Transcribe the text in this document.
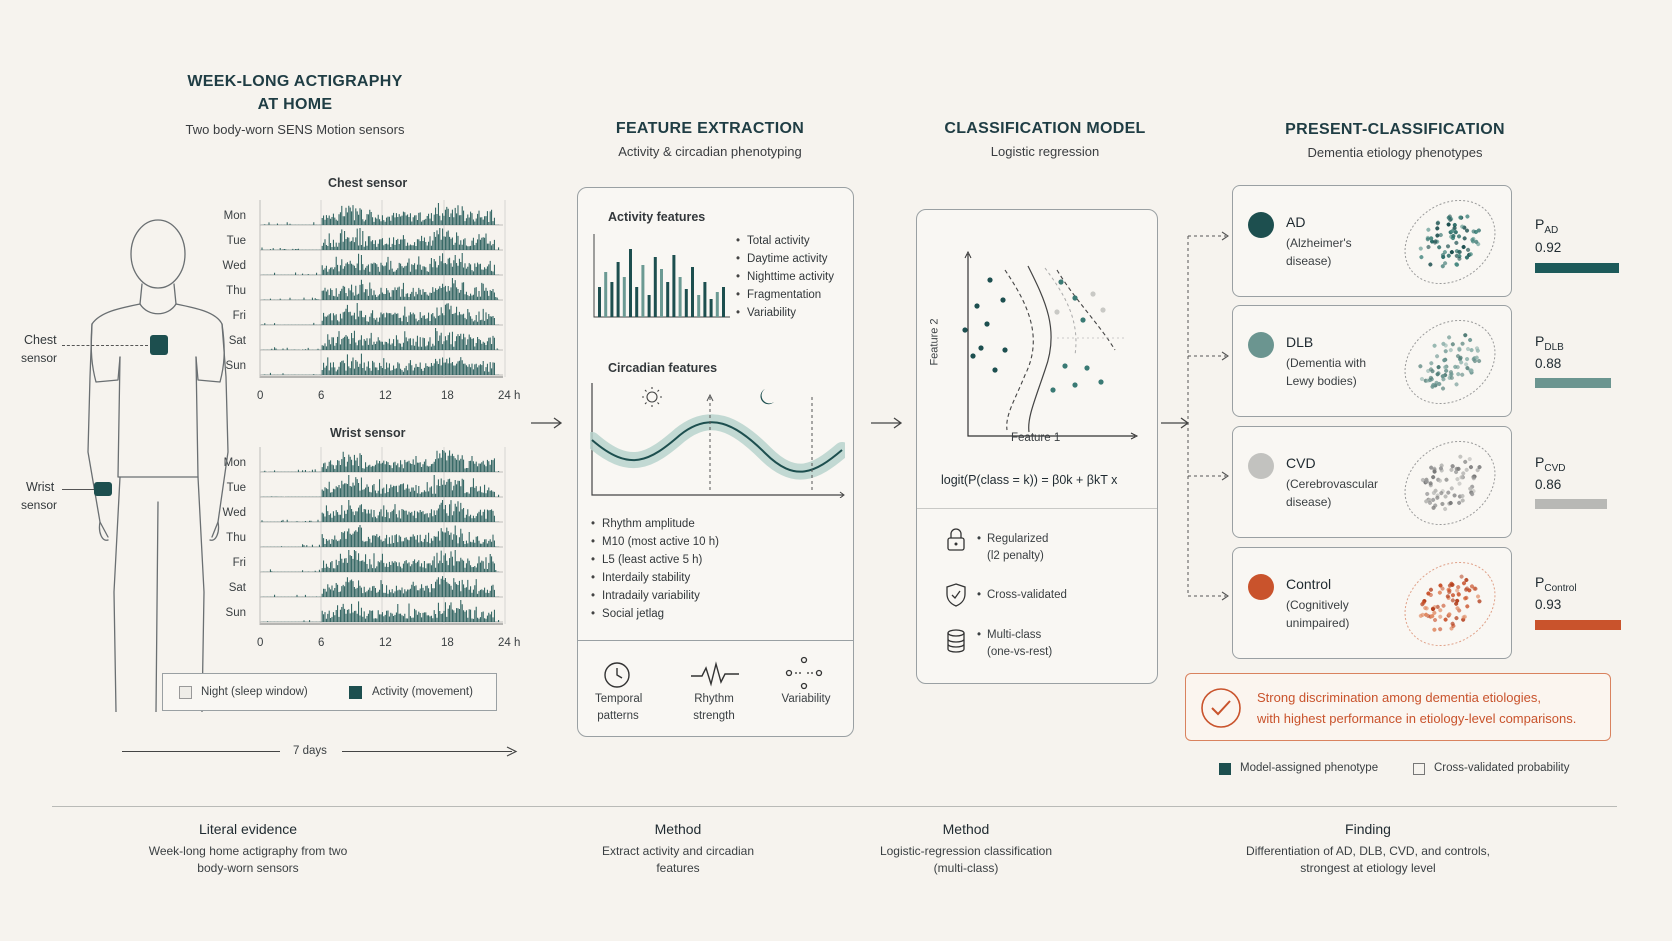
WEEK-LONG ACTIGRAPHY
AT HOME
Two body-worn SENS Motion sensors
Chest sensor
Wrist sensor
Mon
Tue
Wed
Thu
Fri
Sat
Sun
Mon
Tue
Wed
Thu
Fri
Sat
Sun
0	6	12	18	24 h
0	6	12	18	24 h
Chest
sensor
Wrist
sensor
Night (sleep window)	Activity (movement)
7 days
FEATURE EXTRACTION
Activity & circadian phenotyping
Activity features
• Total activity
• Daytime activity
• Nighttime activity
• Fragmentation
• Variability
Circadian features
• Rhythm amplitude
• M10 (most active 10 h)
• L5 (least active 5 h)
• Interdaily stability
• Intradaily variability
• Social jetlag
Temporal
patterns
Rhythm
strength
Variability
CLASSIFICATION MODEL
Logistic regression
Feature 2
Feature 1
logit(P(class = k)) = β0k + βkT x
• Regularized
(l2 penalty)
• Cross-validated
• Multi-class
(one-vs-rest)
PRESENT-CLASSIFICATION
Dementia etiology phenotypes
AD
(Alzheimer's
disease)
DLB
(Dementia with
Lewy bodies)
CVD
(Cerebrovascular
disease)
Control
(Cognitively
unimpaired)
$P_{AD}$
0.92
$P_{DLB}$
0.88
$P_{CVD}$
0.86
$P_{Control}$
0.93
Strong discrimination among dementia etiologies,
with highest performance in etiology-level comparisons.
Model-assigned phenotype	Cross-validated probability
Literal evidence
Week-long home actigraphy from two
body-worn sensors
Method
Extract activity and circadian
features
Method
Logistic-regression classification
(multi-class)
Finding
Differentiation of AD, DLB, CVD, and controls,
strongest at etiology level
